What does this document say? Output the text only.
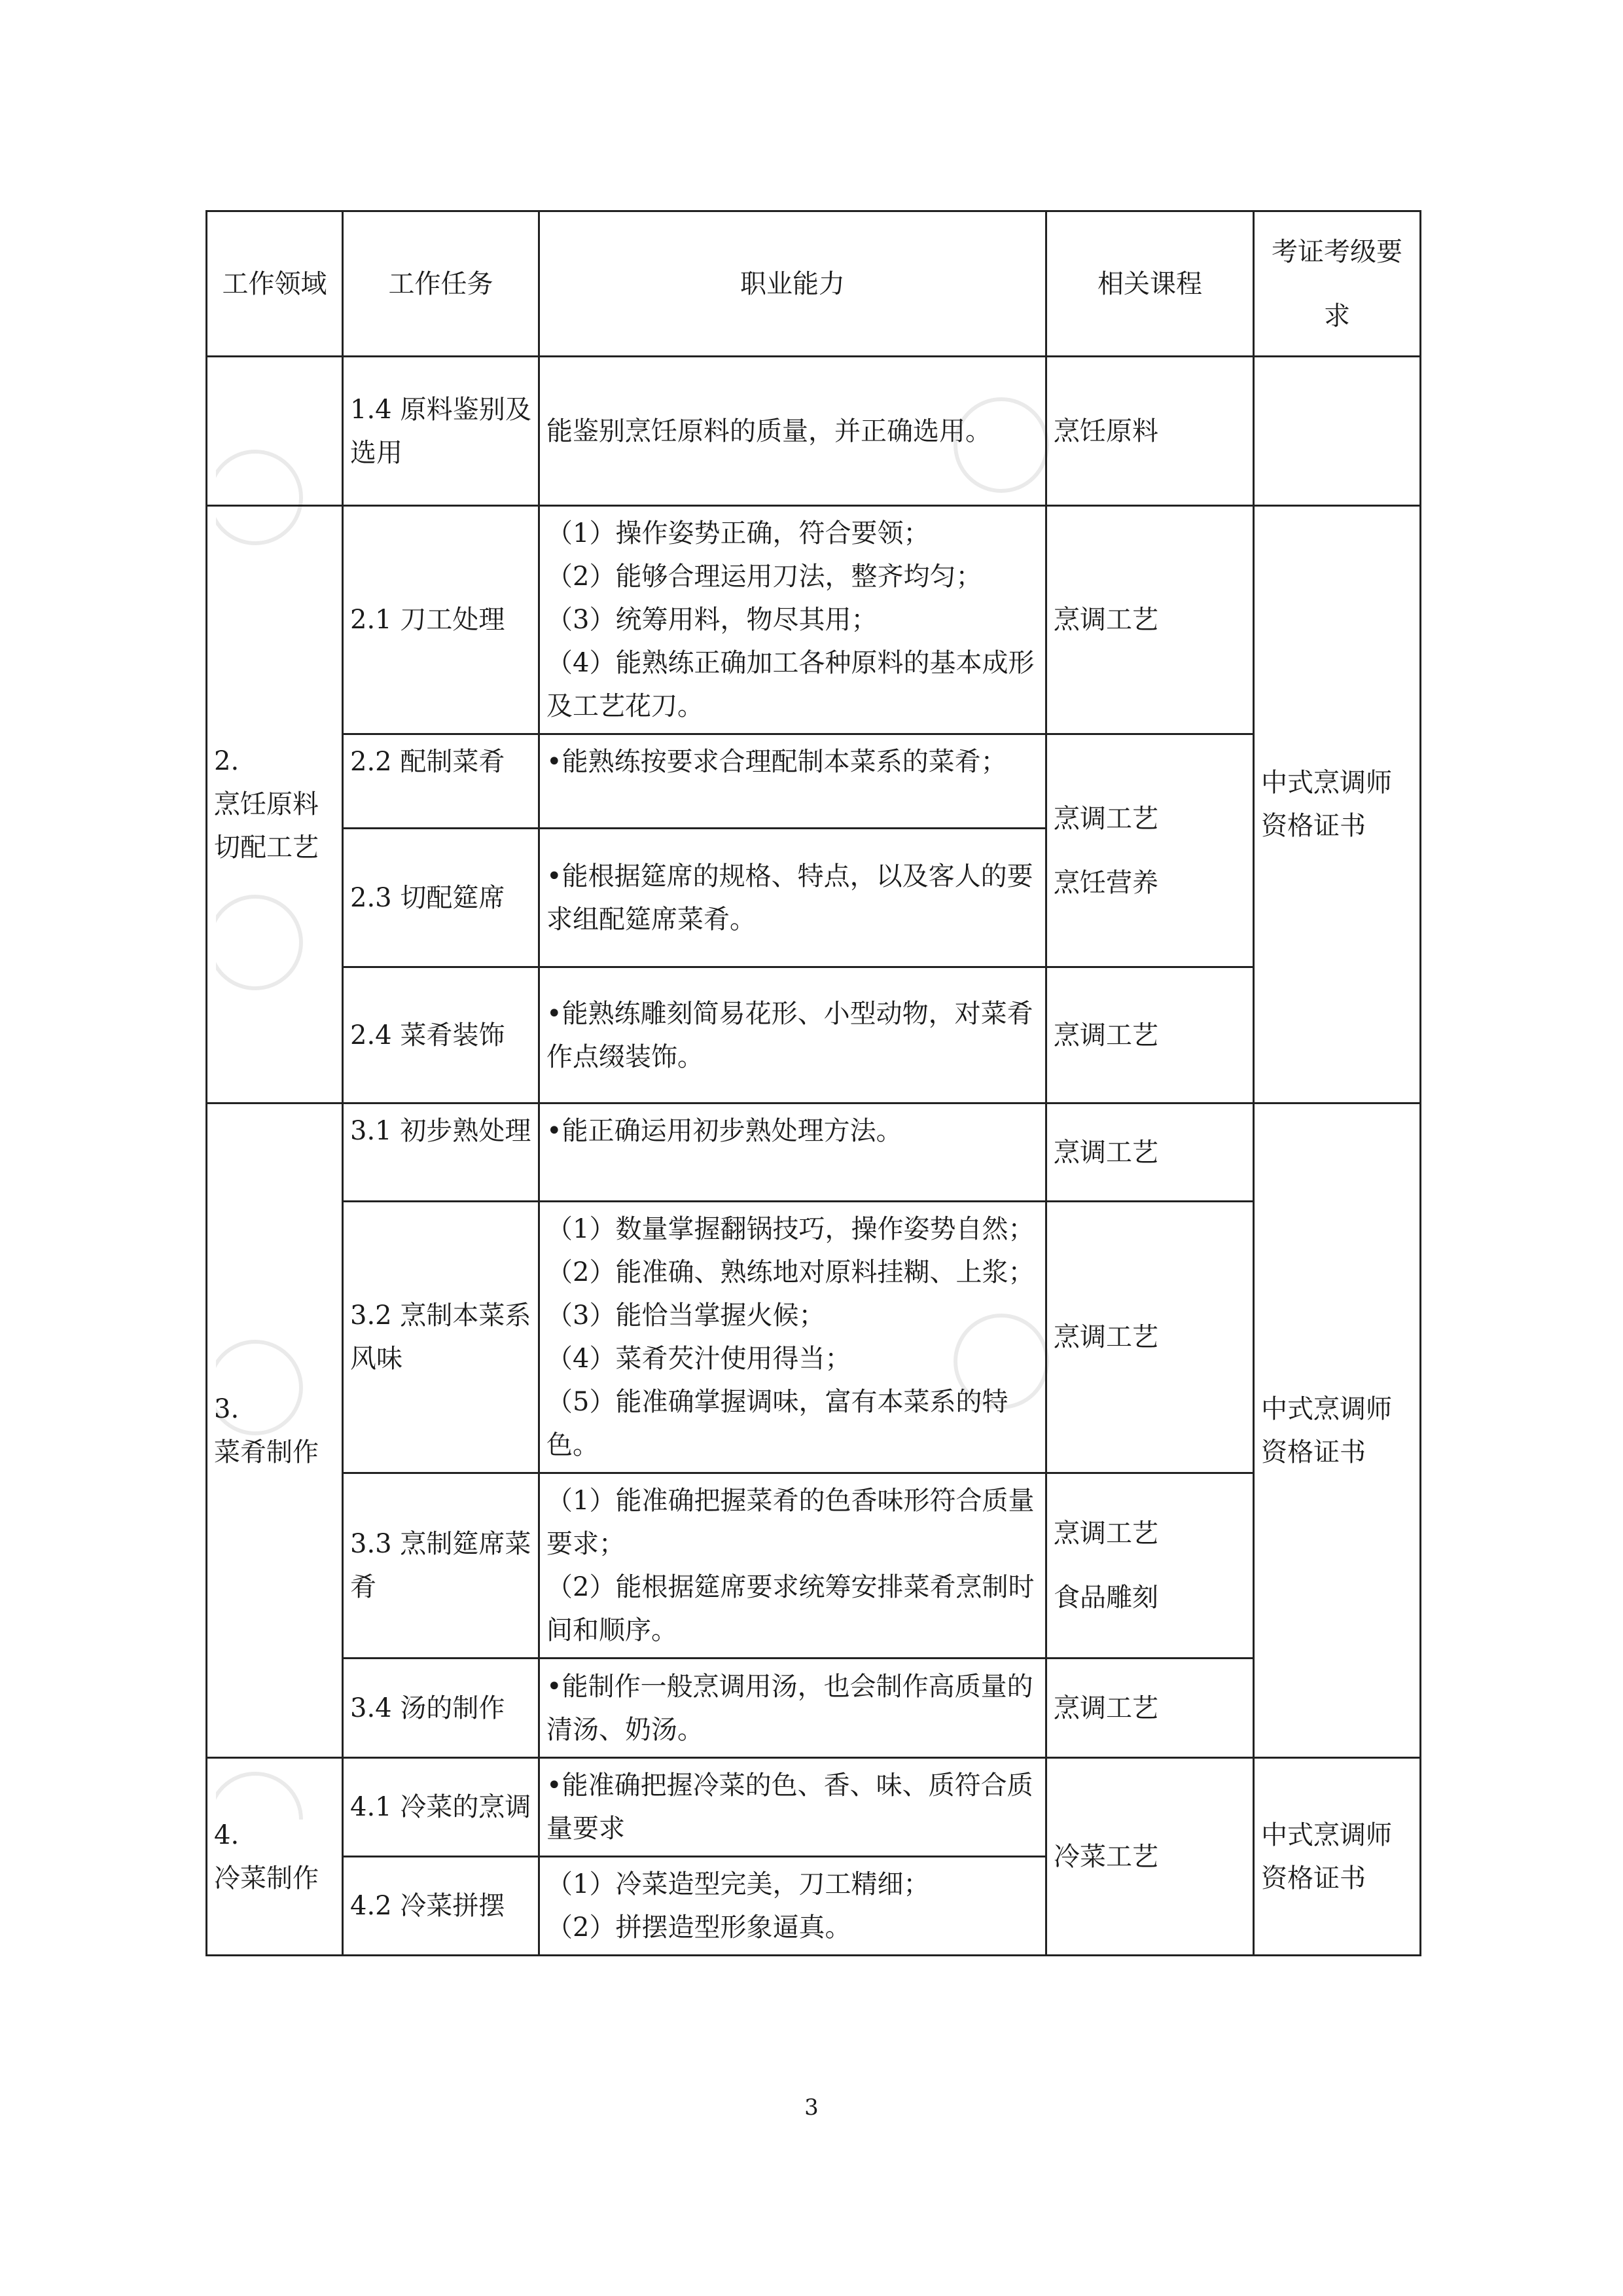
工作领域	工作任务	职业能力	相关课程	考证考级要求
	1.4 原料鉴别及选用	能鉴别烹饪原料的质量，并正确选用。	烹饪原料	

2.
烹饪原料切配工艺	2.1 刀工处理	（1）操作姿势正确，符合要领；
（2）能够合理运用刀法，整齐均匀；
（3）统筹用料，物尽其用；
（4）能熟练正确加工各种原料的基本成形及工艺花刀。	烹调工艺	中式烹调师资格证书
	2.2 配制菜肴	•能熟练按要求合理配制本菜系的菜肴；	烹调工艺
烹饪营养	

	2.3 切配筵席	•能根据筵席的规格、特点，以及客人的要求组配筵席菜肴。		

	2.4 菜肴装饰	•能熟练雕刻简易花形、小型动物，对菜肴作点缀装饰。	烹调工艺	

3.
菜肴制作	3.1 初步熟处理	•能正确运用初步熟处理方法。	烹调工艺	中式烹调师资格证书
	3.2 烹制本菜系风味	（1）数量掌握翻锅技巧，操作姿势自然；
（2）能准确、熟练地对原料挂糊、上浆；
（3）能恰当掌握火候；
（4）菜肴芡汁使用得当；
（5）能准确掌握调味，富有本菜系的特色。	烹调工艺	

	3.3 烹制筵席菜肴	（1）能准确把握菜肴的色香味形符合质量要求；
（2）能根据筵席要求统筹安排菜肴烹制时间和顺序。	烹调工艺
食品雕刻	

	3.4 汤的制作	•能制作一般烹调用汤，也会制作高质量的清汤、奶汤。	烹调工艺	

4.
冷菜制作	4.1 冷菜的烹调	•能准确把握冷菜的色、香、味、质符合质量要求	冷菜工艺	中式烹调师资格证书
	4.2 冷菜拼摆	（1）冷菜造型完美，刀工精细；
（2）拼摆造型形象逼真。		
3
